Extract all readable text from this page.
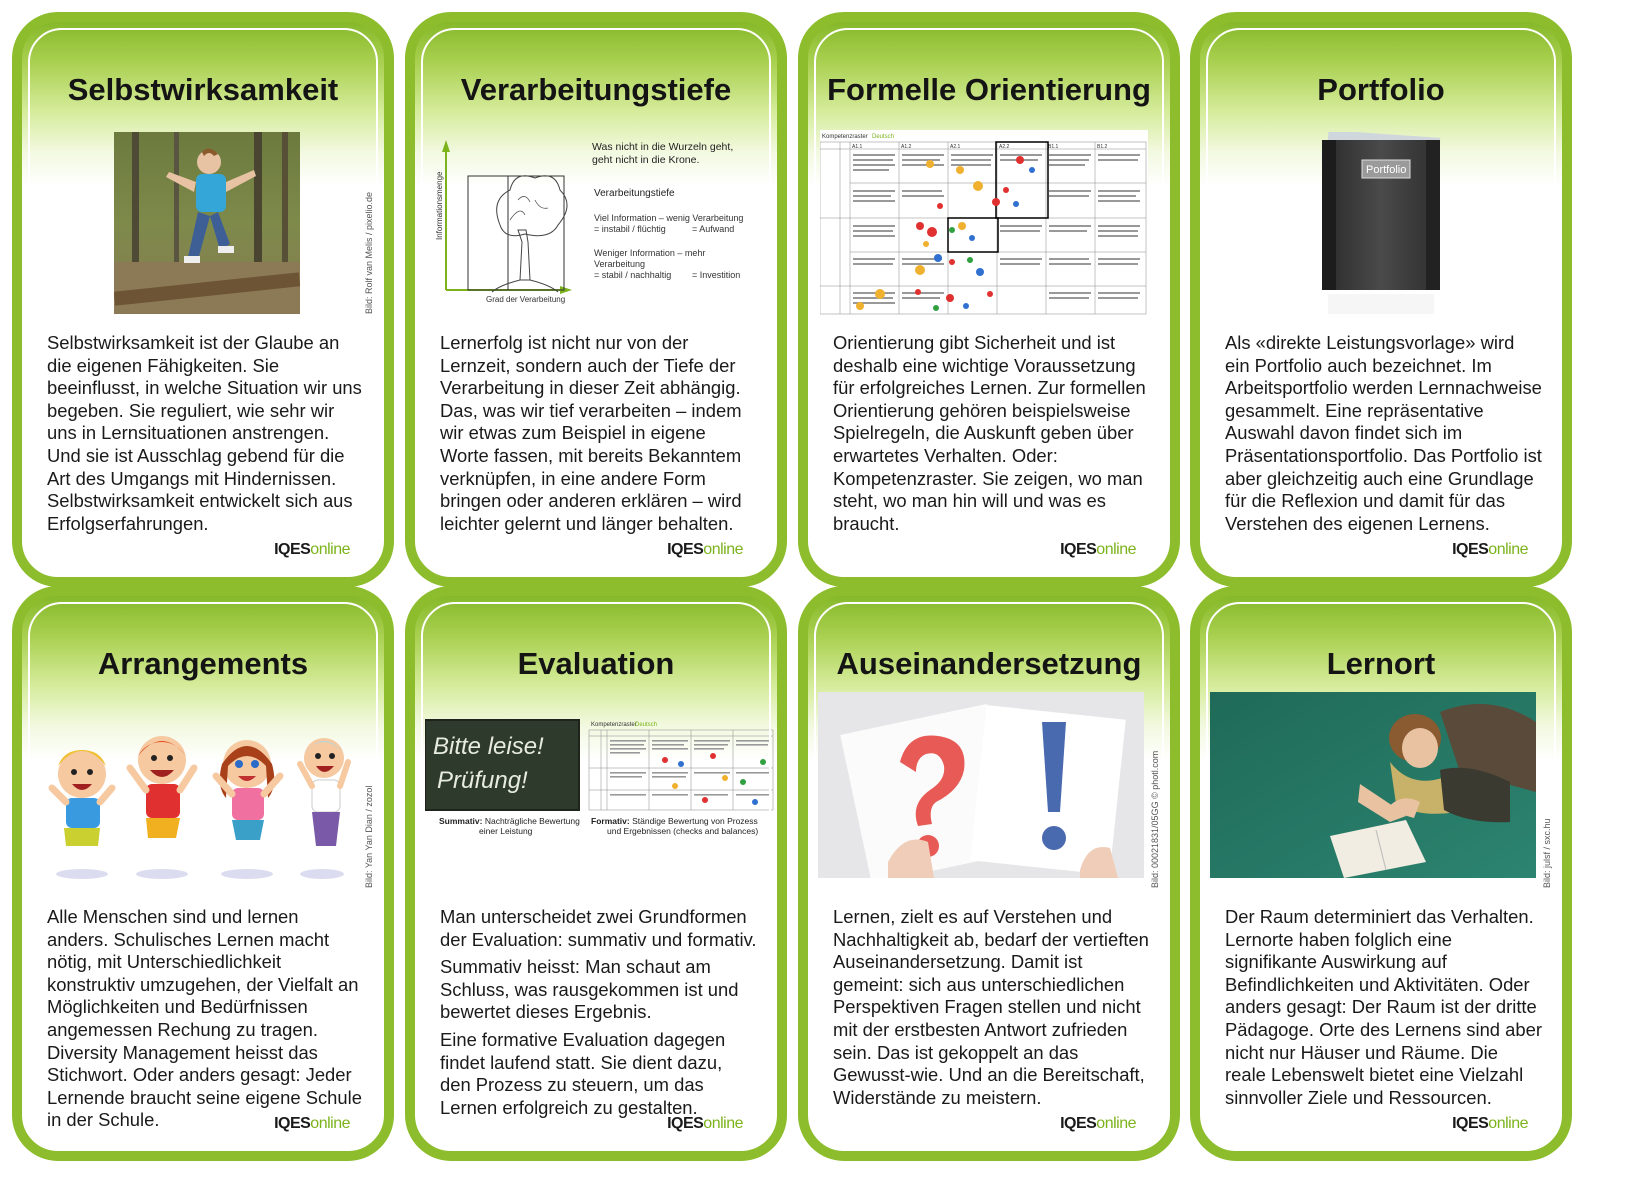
Selbstwirksamkeit
Bild: Rolf van Melis / pixelio.de

Selbstwirksamkeit ist der Glaube an die eigenen Fähigkeiten. Sie beeinflusst, in welche Situation wir uns begeben. Sie reguliert, wie sehr wir uns in Lernsituationen anstrengen. Und sie ist Ausschlag gebend für die Art des Umgangs mit Hindernissen. Selbstwirksamkeit entwickelt sich aus Erfolgserfahrungen.

IQESonline
Verarbeitungstiefe
Informationsmenge
Grad der Verarbeitung
Was nicht in die Wurzeln geht,
geht nicht in die Krone.
Verarbeitungstiefe
Viel Information – wenig Verarbeitung
= instabil / flüchtig	= Aufwand
Weniger Information – mehr
Verarbeitung
= stabil / nachhaltig = Investition

Lernerfolg ist nicht nur von der Lernzeit, sondern auch der Tiefe der Verarbeitung in dieser Zeit abhängig. Das, was wir tief verarbeiten – indem wir etwas zum Beispiel in eigene Worte fassen, mit bereits Bekanntem verknüpfen, in eine andere Form bringen oder anderen erklären – wird leichter gelernt und länger behalten.

IQESonline
Formelle Orientierung
Kompetenzraster Deutsch
A1.1	A1.2	A2.1	A2.2	B1.1	B1.2

Orientierung gibt Sicherheit und ist deshalb eine wichtige Voraussetzung für erfolgreiches Lernen. Zur formellen Orientierung gehören beispielsweise Spielregeln, die Auskunft geben über erwartetes Verhalten. Oder: Kompetenzraster. Sie zeigen, wo man steht, wo man hin will und was es braucht.

IQESonline
Portfolio
Portfolio

Als «direkte Leistungsvorlage» wird ein Portfolio auch bezeichnet. Im Arbeitsportfolio werden Lernnachweise gesammelt. Eine repräsentative Auswahl davon findet sich im Präsentationsportfolio. Das Portfolio ist aber gleichzeitig auch eine Grundlage für die Reflexion und damit für das Verstehen des eigenen Lernens.

IQESonline
Arrangements
Bild: Yan Yan Dian / zozol

Alle Menschen sind und lernen anders. Schulisches Lernen macht nötig, mit Unterschiedlichkeit konstruktiv umzugehen, der Vielfalt an Möglichkeiten und Bedürfnissen angemessen Rechung zu tragen. Diversity Management heisst das Stichwort. Oder anders gesagt: Jeder Lernende braucht seine eigene Schule in der Schule.	IQESonline
Evaluation
Bitte leise!
Prüfung!
Summativ: Nachträgliche Bewertung
einer Leistung
Kompetenzraster
Deutsch
Formativ: Ständige Bewertung von Prozess
und Ergebnissen (checks and balances)

Man unterscheidet zwei Grundformen der Evaluation: summativ und formativ.

Summativ heisst: Man schaut am Schluss, was rausgekommen ist und bewertet dieses Ergebnis.

Eine formative Evaluation dagegen findet laufend statt. Sie dient dazu, den Prozess zu steuern, um das Lernen erfolgreich zu gestalten.

IQESonline
Auseinandersetzung
Bild: 00021831/05GG © photl.com

Lernen, zielt es auf Verstehen und Nachhaltigkeit ab, bedarf der vertieften Auseinandersetzung. Damit ist gemeint: sich aus unterschiedlichen Perspektiven Fragen stellen und nicht mit der erstbesten Antwort zufrieden sein. Das ist gekoppelt an das Gewusst-wie. Und an die Bereitschaft, Widerstände zu meistern.

IQESonline
Lernort
Bild: julsf / sxc.hu

Der Raum determiniert das Verhalten. Lernorte haben folglich eine signifikante Auswirkung auf Befindlichkeiten und Aktivitäten. Oder anders gesagt: Der Raum ist der dritte Pädagoge. Orte des Lernens sind aber nicht nur Häuser und Räume. Die reale Lebenswelt bietet eine Vielzahl sinnvoller Ziele und Ressourcen.

IQESonline
